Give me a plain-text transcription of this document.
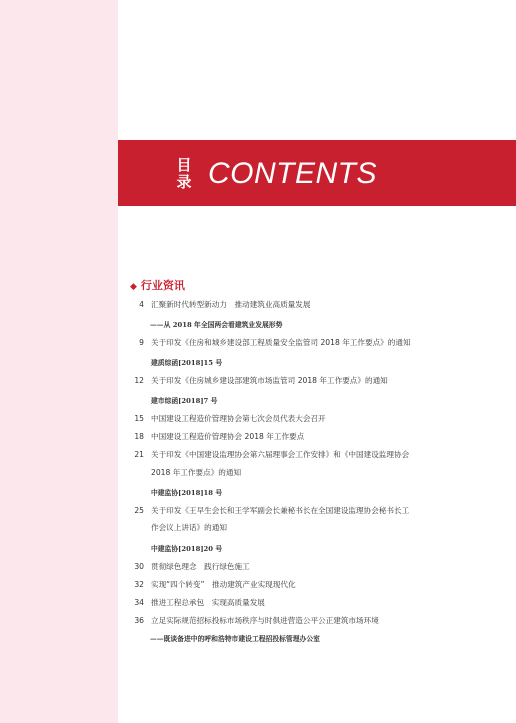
目
录 CONTENTS
◆ 行业资讯
4 汇聚新时代转型新动力　推动建筑业高质量发展
——从 2018 年全国两会看建筑业发展形势
9 关于印发《住房和城乡建设部工程质量安全监管司 2018 年工作要点》的通知
建质综函[2018]15 号
12 关于印发《住房城乡建设部建筑市场监管司 2018 年工作要点》的通知
建市综函[2018]7 号
15 中国建设工程造价管理协会第七次会员代表大会召开
18 中国建设工程造价管理协会 2018 年工作要点
21 关于印发《中国建设监理协会第六届理事会工作安排》和《中国建设监理协会
2018 年工作要点》的通知
中建监协[2018]18 号
25 关于印发《王早生会长和王学军副会长兼秘书长在全国建设监理协会秘书长工
作会议上讲话》的通知
中建监协[2018]20 号
30 贯彻绿色理念　践行绿色施工
32 实现“四个转变”　推动建筑产业实现现代化
34 推进工程总承包　实现高质量发展
36 立足实际规范招标投标市场秩序与时俱进营造公平公正建筑市场环境
——既谈备进中的呼和浩特市建设工程招投标管理办公室
